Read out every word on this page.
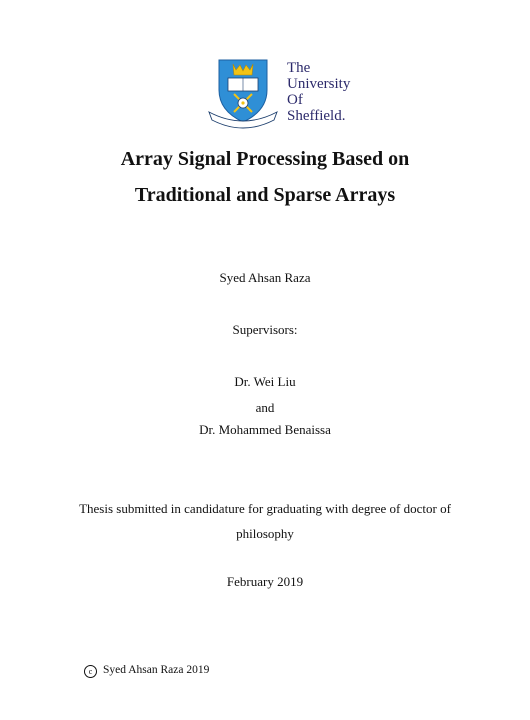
The
University
Of
Sheffield.
Array Signal Processing Based on
Traditional and Sparse Arrays
Syed Ahsan Raza
Supervisors:
Dr. Wei Liu
and
Dr. Mohammed Benaissa
Thesis submitted in candidature for graduating with degree of doctor of
philosophy
February 2019
c Syed Ahsan Raza 2019
